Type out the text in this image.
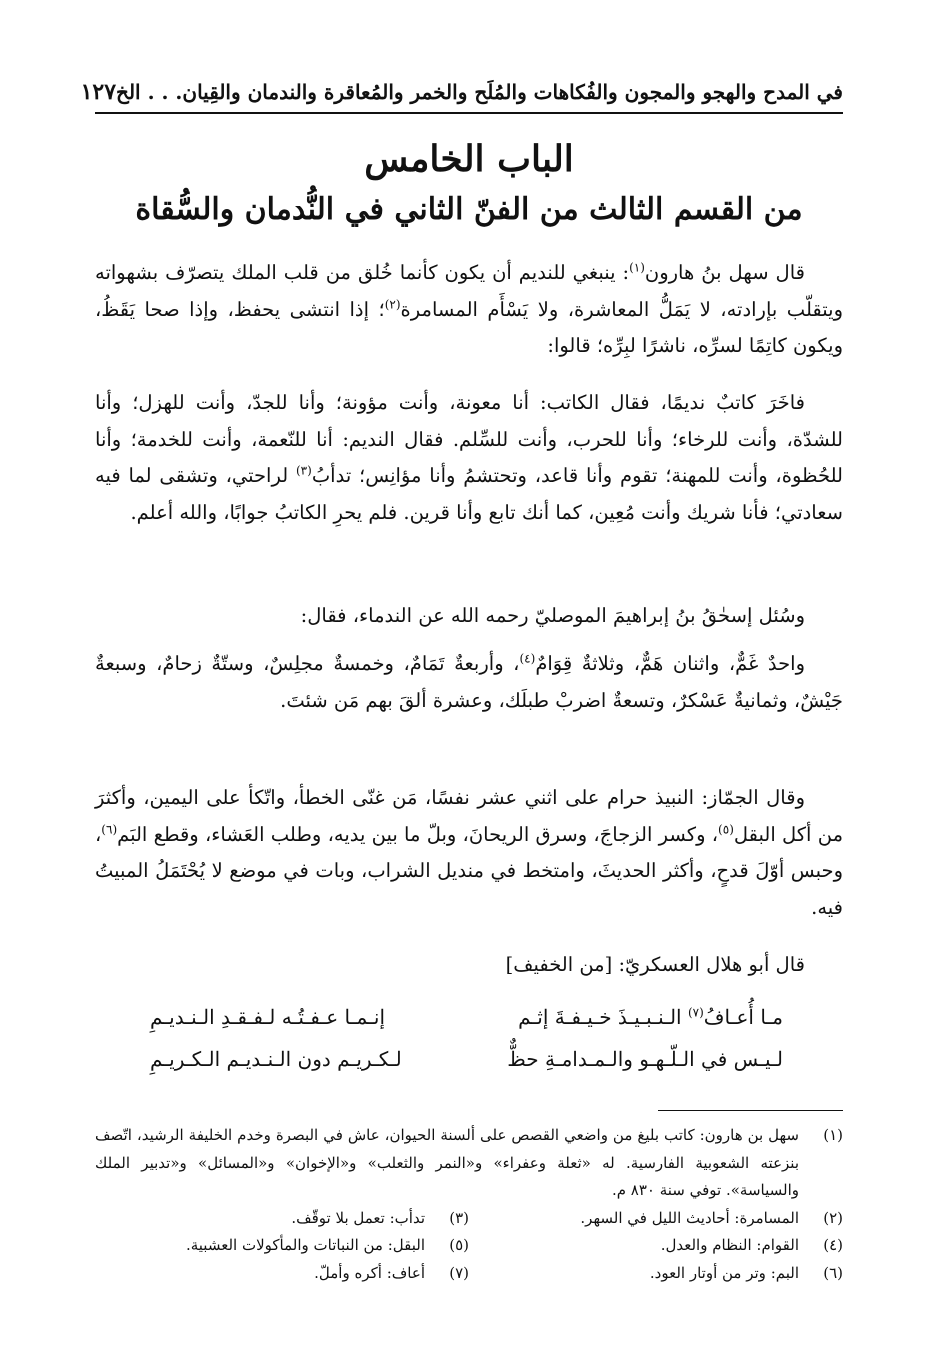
في المدح والهجو والمجون والفُكاهات والمُلَح والخمر والمُعاقرة والندمان والقِيان. . . الخ
١٢٧
الباب الخامس
من القسم الثالث من الفنّ الثاني في النُّدمان والسُّقاة

قال سهل بنُ هارون$^{(١)}$: ينبغي للنديم أن يكون كأنما خُلق من قلب الملك يتصرّف بشهواته ويتقلّب بإرادته، لا يَمَلُّ المعاشرة، ولا يَسْأَم المسامرة$^{(٢)}$؛ إذا انتشى يحفظ، وإذا صحا يَقَظُ، ويكون كاتِمًا لسرِّه، ناشرًا لبِرِّه؛ قالوا:

فاخَرَ كاتبٌ نديمًا، فقال الكاتب: أنا معونة، وأنت مؤونة؛ وأنا للجدّ، وأنت للهزل؛ وأنا للشدّة، وأنت للرخاء؛ وأنا للحرب، وأنت للسِّلم. فقال النديم: أنا للنّعمة، وأنت للخدمة؛ وأنا للحُظوة، وأنت للمهنة؛ تقوم وأنا قاعد، وتحتشمُ وأنا مؤانِس؛ تدأبُ$^{(٣)}$ لراحتي، وتشقى لما فيه سعادتي؛ فأنا شريك وأنت مُعِين، كما أنك تابع وأنا قرين. فلم يحرِ الكاتبُ جوابًا، والله أعلم.

وسُئل إسحٰقُ بنُ إبراهيمَ الموصليّ رحمه الله عن الندماء، فقال:

واحدٌ غَمٌّ، واثنان هَمٌّ، وثلاثةٌ قِوَامٌ$^{(٤)}$، وأربعةٌ تَمَامٌ، وخمسةٌ مجلِسٌ، وستّةٌ زحامٌ، وسبعةٌ جَيْشٌ، وثمانيةٌ عَسْكرٌ، وتسعةٌ اضربْ طبلَك، وعشرة ألقَ بهم مَن شئتَ.

وقال الجمّاز: النبيذ حرام على اثني عشر نفسًا، مَن غنّى الخطأ، واتّكأ على اليمين، وأكثرَ من أكل البقل$^{(٥)}$، وكسر الزجاجَ، وسرق الريحانَ، وبلّ ما بين يديه، وطلب العَشاء، وقطع البَم$^{(٦)}$، وحبس أوّلَ قدحٍ، وأكثر الحديثَ، وامتخط في منديل الشراب، وبات في موضع لا يُحْتَمَلُ المبيتُ فيه.

قال أبو هلال العسكريّ: [من الخفيف]

مـا أُعـافُ$^{(٧)}$ الـنـبـيـذَ خـيـفـةَ إثـم
إنـمـا عـفـتُـه لـفـقـدِ الـنـديـمِ
لـيـس في الـلّـهـو والـمـدامـةِ حظٌّ
لـكـريـم دون الـنـديـم الـكـريـمِ
(١)
سهل بن هارون: كاتب بليغ من واضعي القصص على ألسنة الحيوان، عاش في البصرة وخدم الخليفة الرشيد، اتّصف بنزعته الشعوبية الفارسية. له «ثعلة وعفراء» و«النمر والثعلب» و«الإخوان» و«المسائل» و«تدبير الملك والسياسة». توفي سنة ٨٣٠ م.
(٢)
المسامرة: أحاديث الليل في السهر.
(٣)
تدأب: تعمل بلا توقّف.
(٤)
القوام: النظام والعدل.
(٥)
البقل: من النباتات والمأكولات العشبية.
(٦)
البم: وتر من أوتار العود.
(٧)
أعاف: أكره وأملّ.
